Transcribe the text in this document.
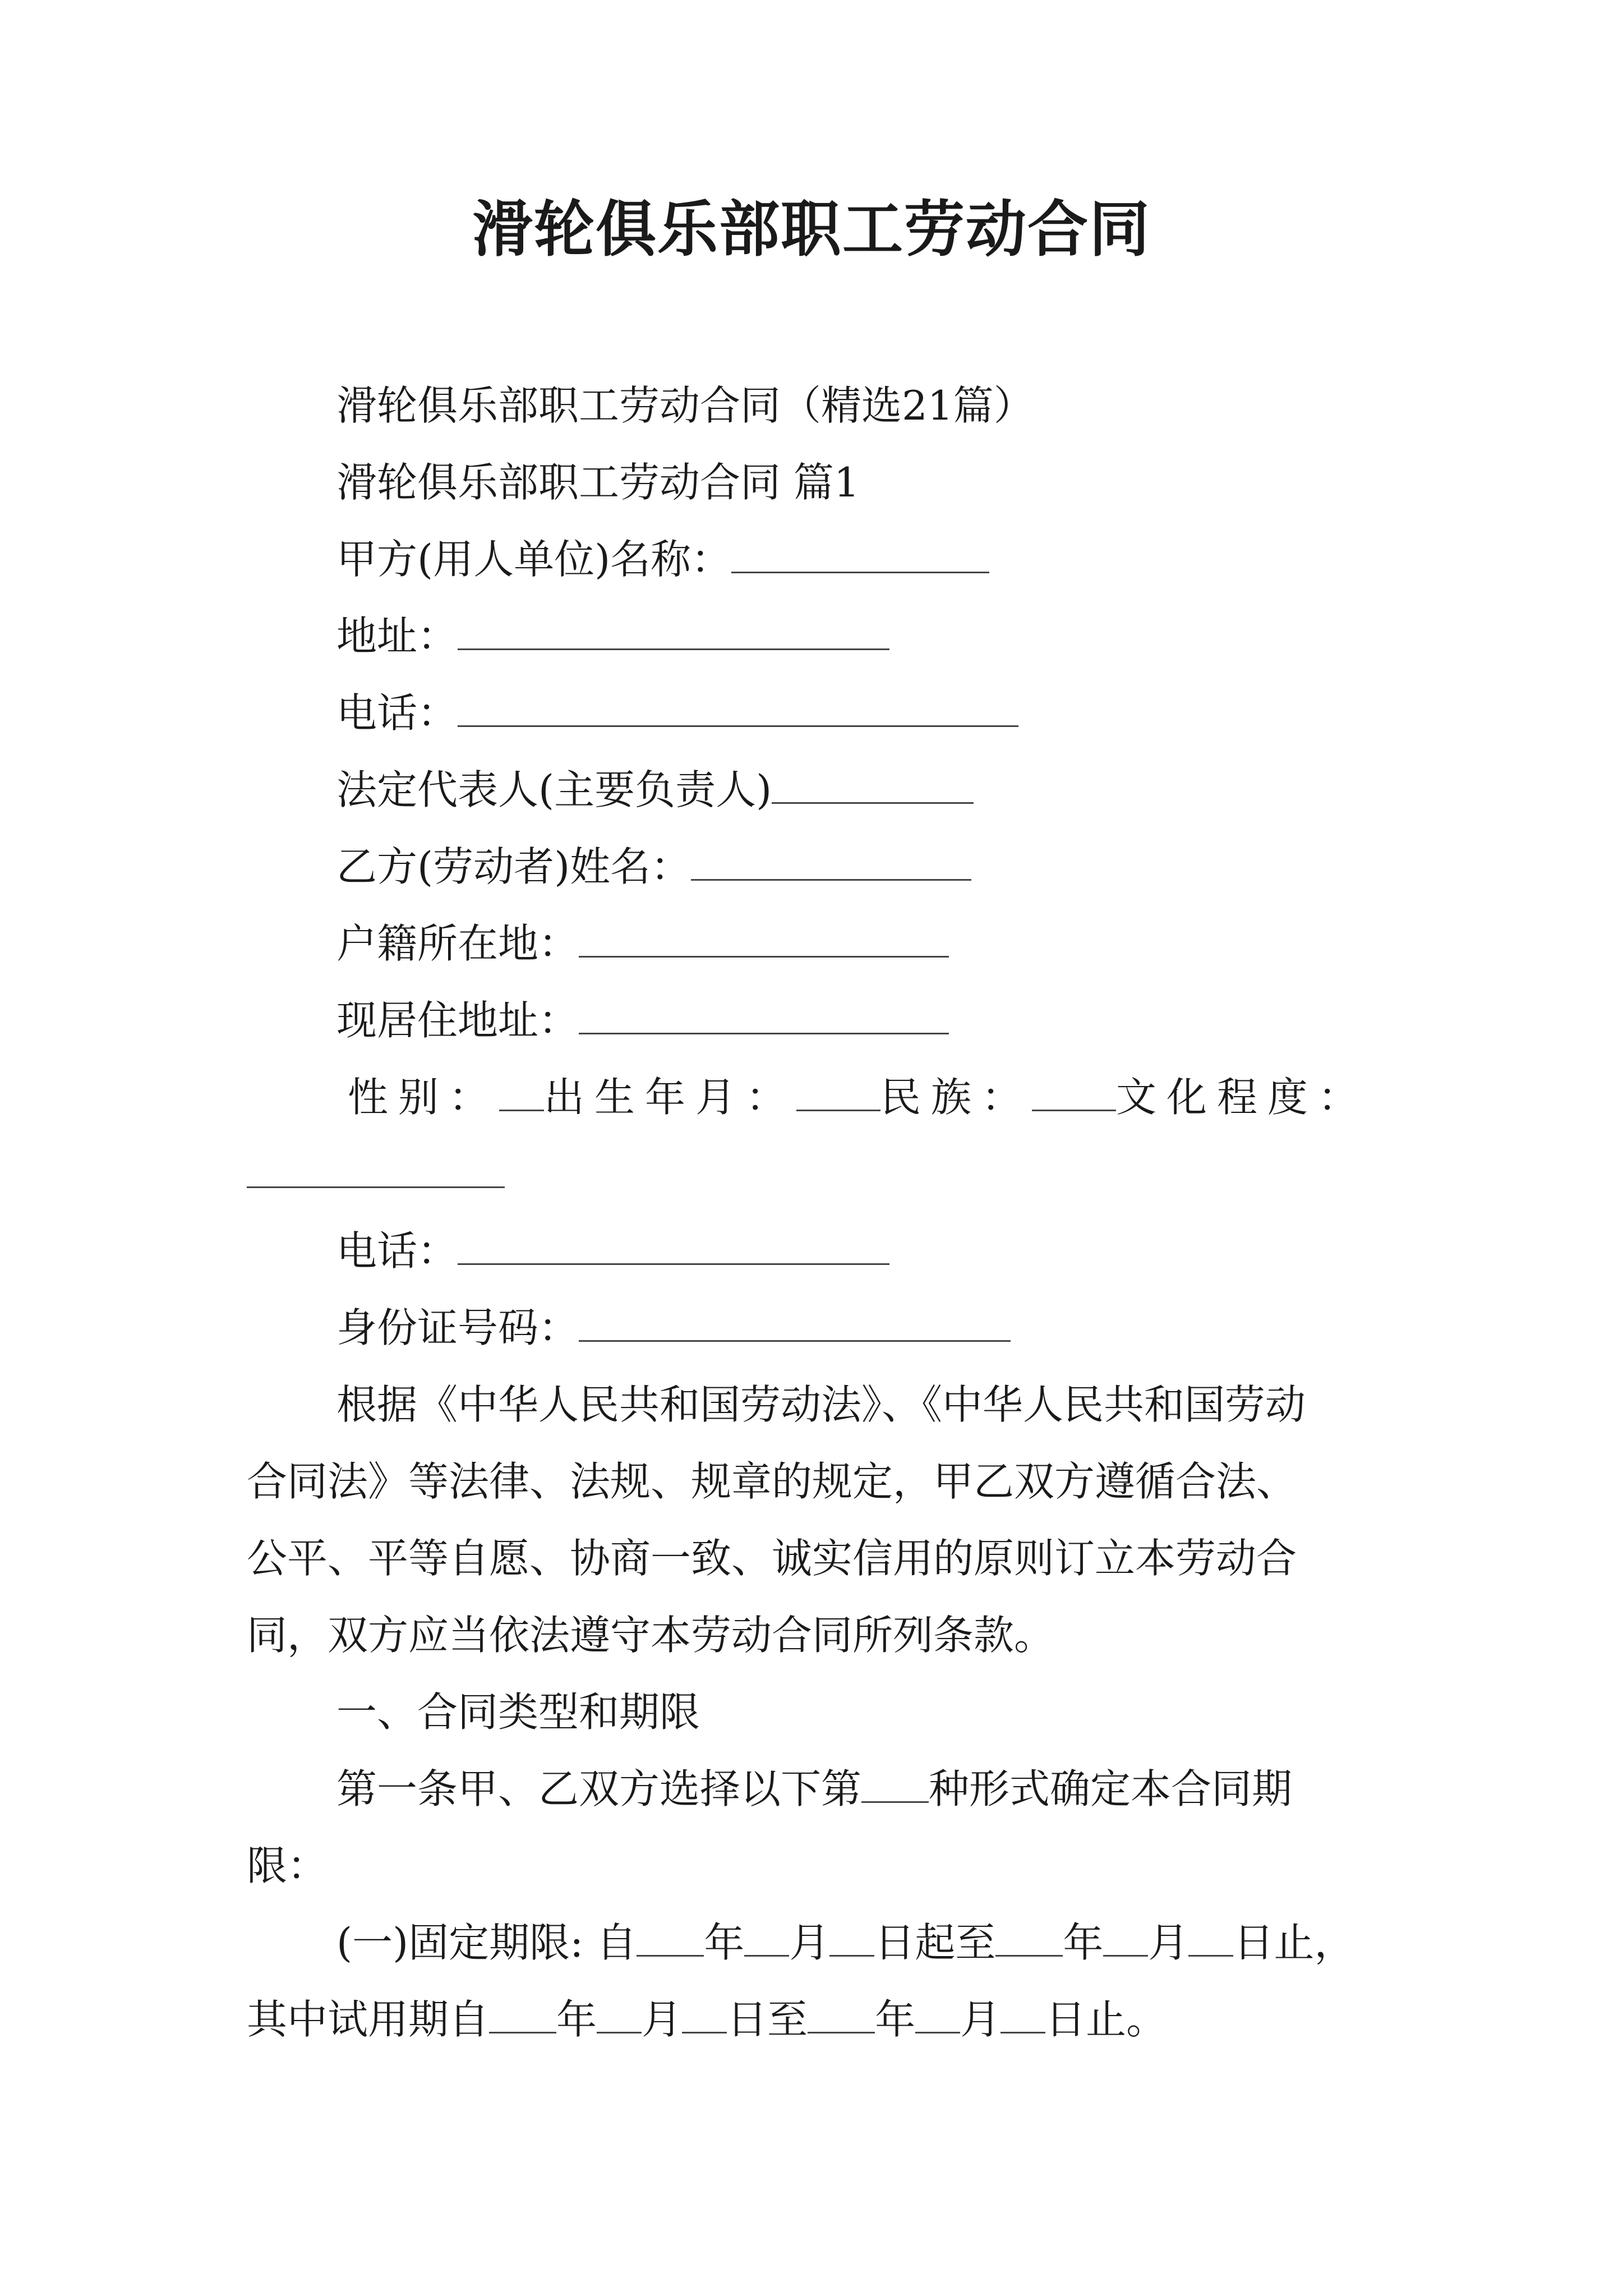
滑轮俱乐部职工劳动合同
滑轮俱乐部职工劳动合同（精选21篇）
滑轮俱乐部职工劳动合同 篇1
甲方(用人单位)名称：
地址：
电话：
法定代表人(主要负责人)
乙方(劳动者)姓名：
户籍所在地：
现居住地址：
性别： 出生年月： 民族： 文化程度：
电话：
身份证号码：
根据《中华人民共和国劳动法》、《中华人民共和国劳动
合同法》等法律、法规、规章的规定，甲乙双方遵循合法、
公平、平等自愿、协商一致、诚实信用的原则订立本劳动合
同，双方应当依法遵守本劳动合同所列条款。
一、合同类型和期限
第一条甲、乙双方选择以下第 种形式确定本合同期
限：
(一)固定期限: 自 年 月 日起至 年 月 日止，
其中试用期自 年 月 日至 年 月 日止。
